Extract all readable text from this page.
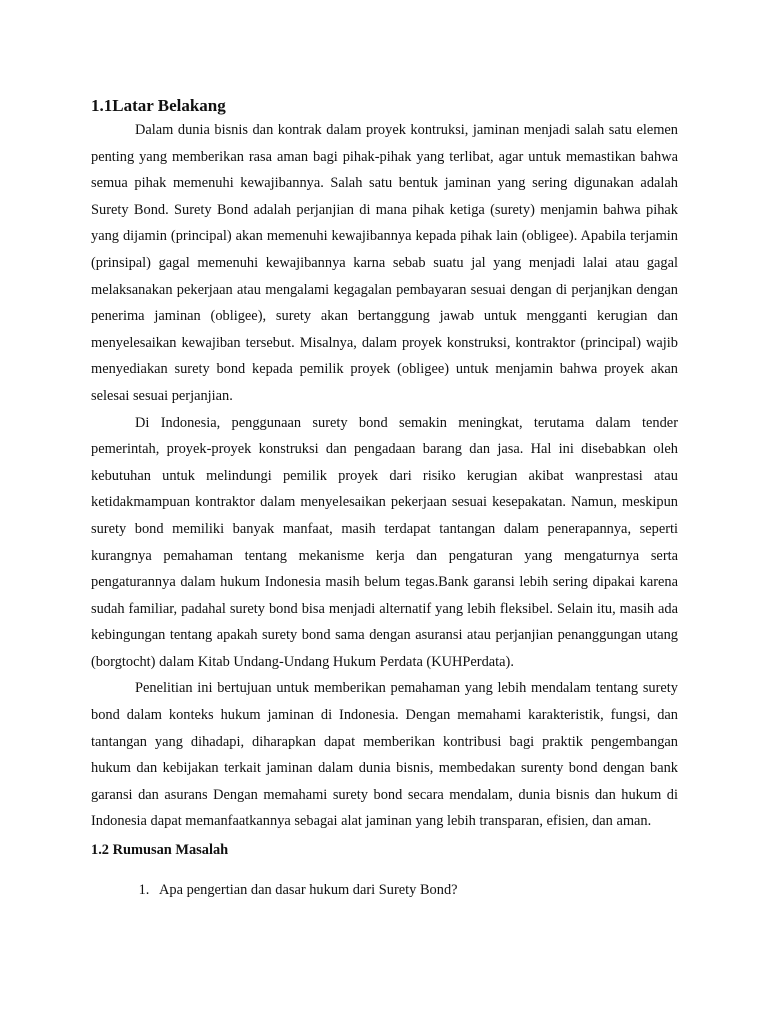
1.1Latar Belakang

Dalam dunia bisnis dan kontrak dalam proyek kontruksi, jaminan menjadi salah satu elemen penting yang memberikan rasa aman bagi pihak-pihak yang terlibat, agar untuk memastikan bahwa semua pihak memenuhi kewajibannya. Salah satu bentuk jaminan yang sering digunakan adalah Surety Bond. Surety Bond adalah perjanjian di mana pihak ketiga (surety) menjamin bahwa pihak yang dijamin (principal) akan memenuhi kewajibannya kepada pihak lain (obligee). Apabila terjamin (prinsipal) gagal memenuhi kewajibannya karna sebab suatu jal yang menjadi lalai atau gagal melaksanakan pekerjaan atau mengalami kegagalan pembayaran sesuai dengan di perjanjkan dengan penerima jaminan (obligee), surety akan bertanggung jawab untuk mengganti kerugian dan menyelesaikan kewajiban tersebut. Misalnya, dalam proyek konstruksi, kontraktor (principal) wajib menyediakan surety bond kepada pemilik proyek (obligee) untuk menjamin bahwa proyek akan selesai sesuai perjanjian.

Di Indonesia, penggunaan surety bond semakin meningkat, terutama dalam tender pemerintah, proyek-proyek konstruksi dan pengadaan barang dan jasa. Hal ini disebabkan oleh kebutuhan untuk melindungi pemilik proyek dari risiko kerugian akibat wanprestasi atau ketidakmampuan kontraktor dalam menyelesaikan pekerjaan sesuai kesepakatan. Namun, meskipun surety bond memiliki banyak manfaat, masih terdapat tantangan dalam penerapannya, seperti kurangnya pemahaman tentang mekanisme kerja dan pengaturan yang mengaturnya serta pengaturannya dalam hukum Indonesia masih belum tegas.Bank garansi lebih sering dipakai karena sudah familiar, padahal surety bond bisa menjadi alternatif yang lebih fleksibel. Selain itu, masih ada kebingungan tentang apakah surety bond sama dengan asuransi atau perjanjian penanggungan utang (borgtocht) dalam Kitab Undang-Undang Hukum Perdata (KUHPerdata).

Penelitian ini bertujuan untuk memberikan pemahaman yang lebih mendalam tentang surety bond dalam konteks hukum jaminan di Indonesia. Dengan memahami karakteristik, fungsi, dan tantangan yang dihadapi, diharapkan dapat memberikan kontribusi bagi praktik pengembangan hukum dan kebijakan terkait jaminan dalam dunia bisnis, membedakan surenty bond dengan bank garansi dan asurans Dengan memahami surety bond secara mendalam, dunia bisnis dan hukum di Indonesia dapat memanfaatkannya sebagai alat jaminan yang lebih transparan, efisien, dan aman.

1.2 Rumusan Masalah
1. Apa pengertian dan dasar hukum dari Surety Bond?
